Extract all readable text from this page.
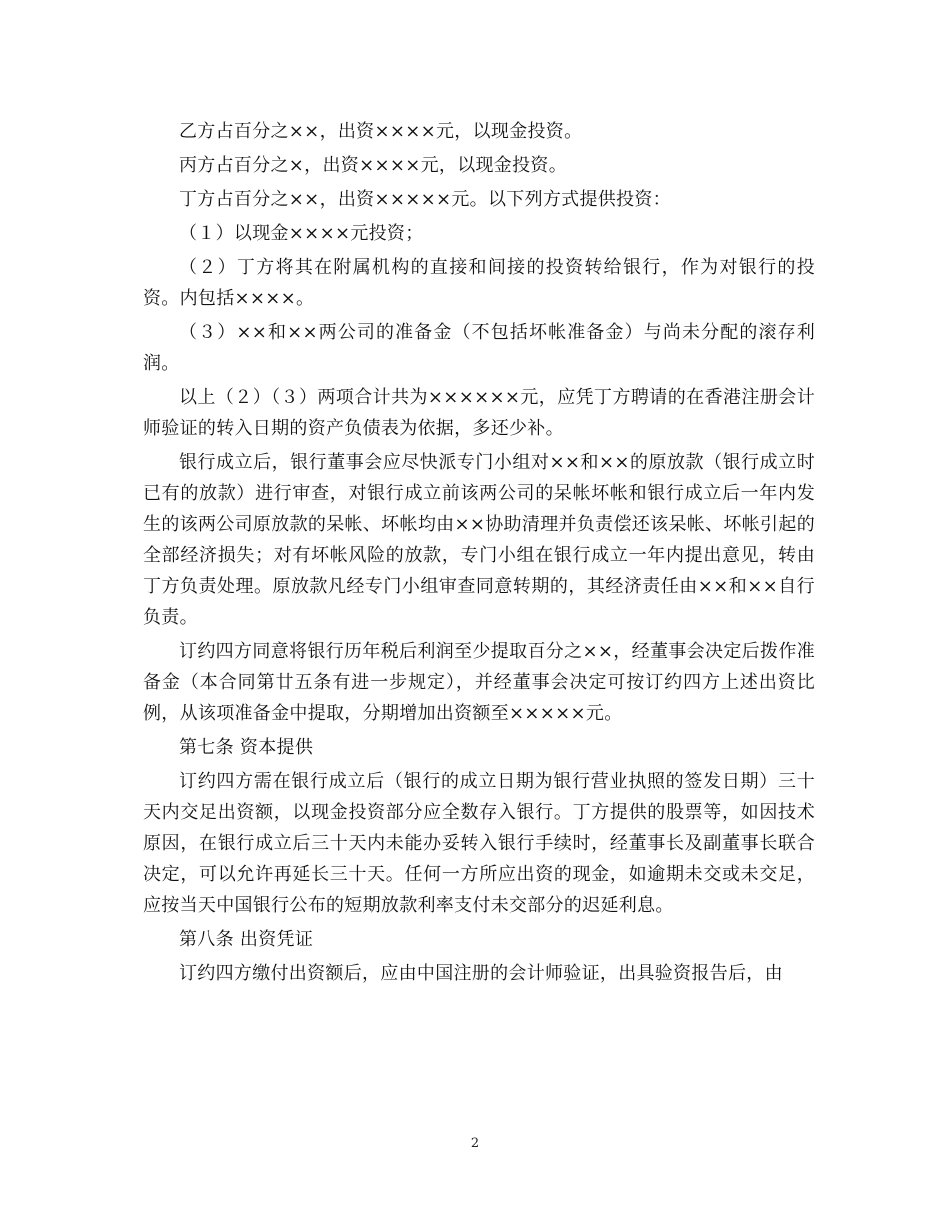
乙方占百分之××，出资××××元，以现金投资。

丙方占百分之×，出资××××元，以现金投资。

丁方占百分之××，出资×××××元。以下列方式提供投资：

（１）以现金××××元投资；

（２）丁方将其在附属机构的直接和间接的投资转给银行，作为对银行的投资。内包括××××。

（３）××和××两公司的准备金（不包括坏帐准备金）与尚未分配的滚存利润。

以上（２）（３）两项合计共为××××××元，应凭丁方聘请的在香港注册会计师验证的转入日期的资产负债表为依据，多还少补。

银行成立后，银行董事会应尽快派专门小组对××和××的原放款（银行成立时已有的放款）进行审查，对银行成立前该两公司的呆帐坏帐和银行成立后一年内发生的该两公司原放款的呆帐、坏帐均由××协助清理并负责偿还该呆帐、坏帐引起的全部经济损失；对有坏帐风险的放款，专门小组在银行成立一年内提出意见，转由丁方负责处理。原放款凡经专门小组审查同意转期的，其经济责任由××和××自行负责。

订约四方同意将银行历年税后利润至少提取百分之××，经董事会决定后拨作准备金（本合同第廿五条有进一步规定），并经董事会决定可按订约四方上述出资比例，从该项准备金中提取，分期增加出资额至×××××元。

第七条 资本提供

订约四方需在银行成立后（银行的成立日期为银行营业执照的签发日期）三十天内交足出资额，以现金投资部分应全数存入银行。丁方提供的股票等，如因技术原因，在银行成立后三十天内未能办妥转入银行手续时，经董事长及副董事长联合决定，可以允许再延长三十天。任何一方所应出资的现金，如逾期未交或未交足，应按当天中国银行公布的短期放款利率支付未交部分的迟延利息。

第八条 出资凭证

订约四方缴付出资额后，应由中国注册的会计师验证，出具验资报告后，由

2
